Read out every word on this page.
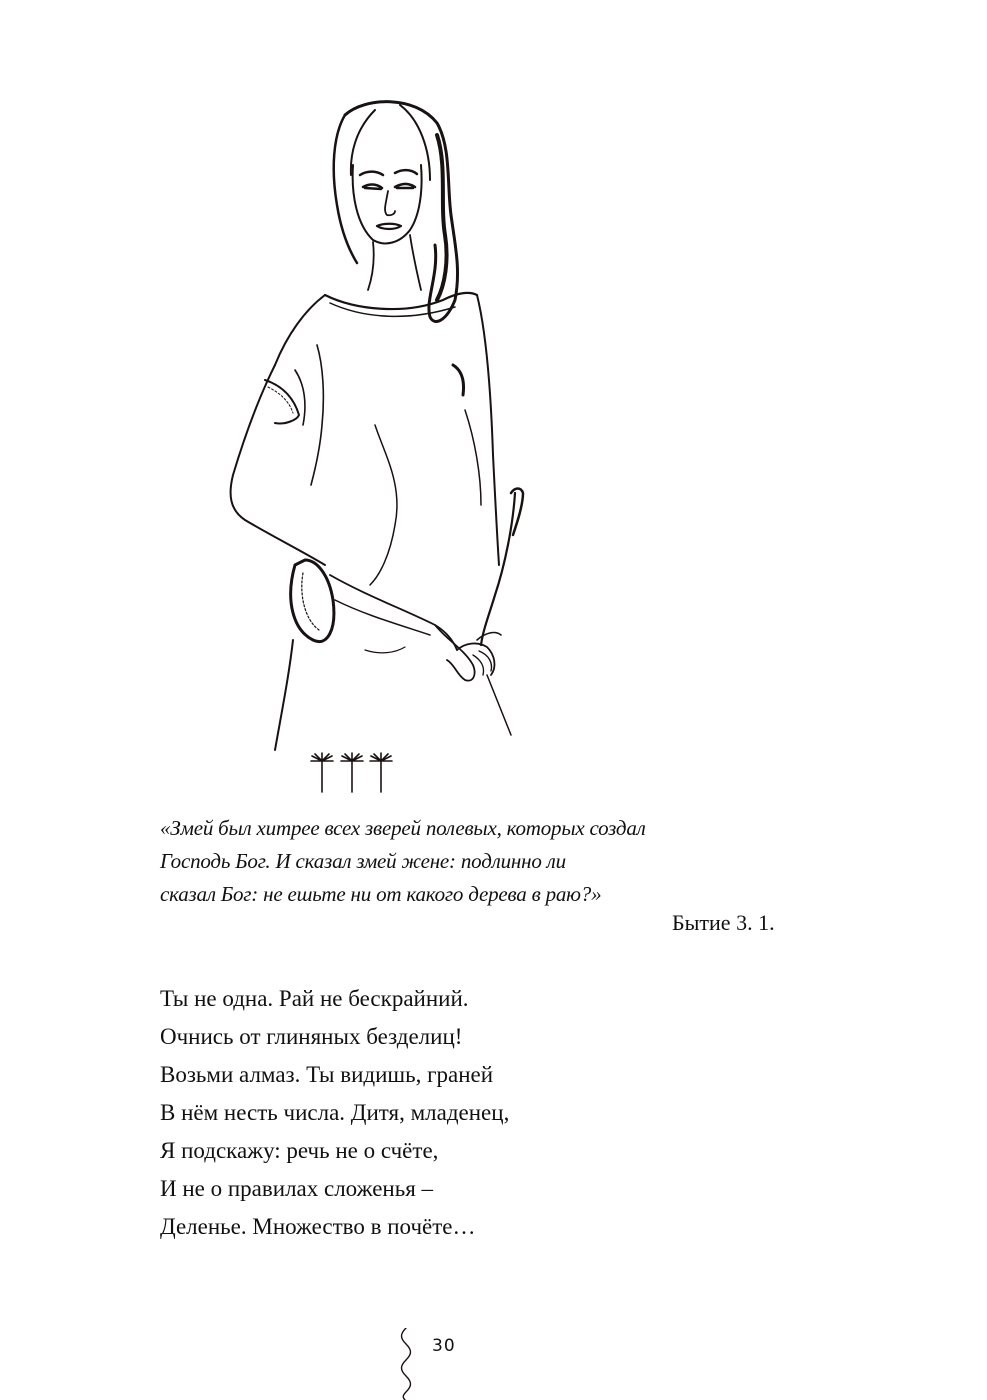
«Змей был хитрее всех зверей полевых, которых создал
Господь Бог. И сказал змей жене: подлинно ли
сказал Бог: не ешьте ни от какого дерева в раю?»
Бытие 3. 1.
Ты не одна. Рай не бескрайний.
Очнись от глиняных безделиц!
Возьми алмаз. Ты видишь, граней
В нём несть числа. Дитя, младенец,
Я подскажу: речь не о счёте,
И не о правилах сложенья –
Деленье. Множество в почёте…
30
